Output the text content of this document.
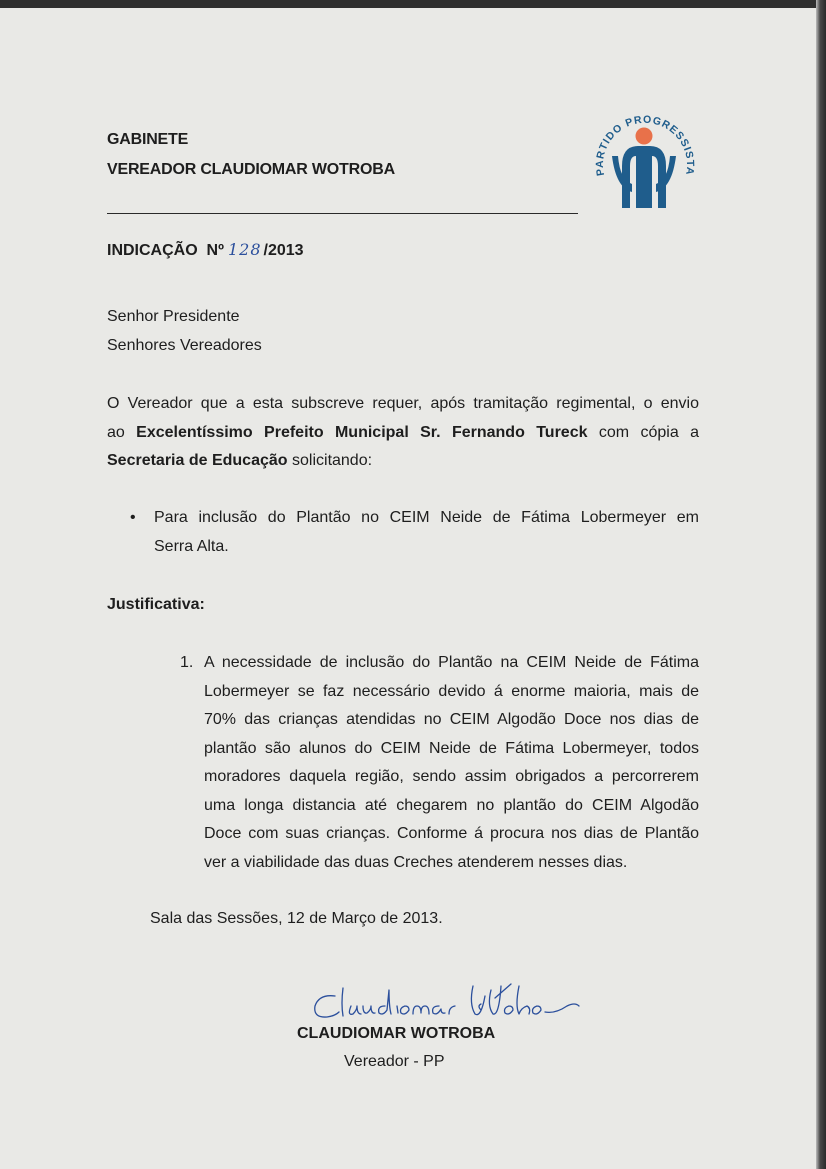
GABINETE
VEREADOR CLAUDIOMAR WOTROBA	PARTIDO PROGRESSISTA
INDICAÇÃO  Nº 128 /2013
Senhor Presidente
Senhores Vereadores
O Vereador que a esta subscreve requer, após tramitação regimental, o envio
ao Excelentíssimo Prefeito Municipal Sr. Fernando Tureck com cópia a
Secretaria de Educação solicitando:
• Para inclusão do Plantão no CEIM Neide de Fátima Lobermeyer em
Serra Alta.
Justificativa:
1. A necessidade de inclusão do Plantão na CEIM Neide de Fátima
Lobermeyer se faz necessário devido á enorme maioria, mais de
70% das crianças atendidas no CEIM Algodão Doce nos dias de
plantão são alunos do CEIM Neide de Fátima Lobermeyer, todos
moradores daquela região, sendo assim obrigados a percorrerem
uma longa distancia até chegarem no plantão do CEIM Algodão
Doce com suas crianças. Conforme á procura nos dias de Plantão
ver a viabilidade das duas Creches atenderem nesses dias.
Sala das Sessões, 12 de Março de 2013.
CLAUDIOMAR WOTROBA
Vereador - PP
